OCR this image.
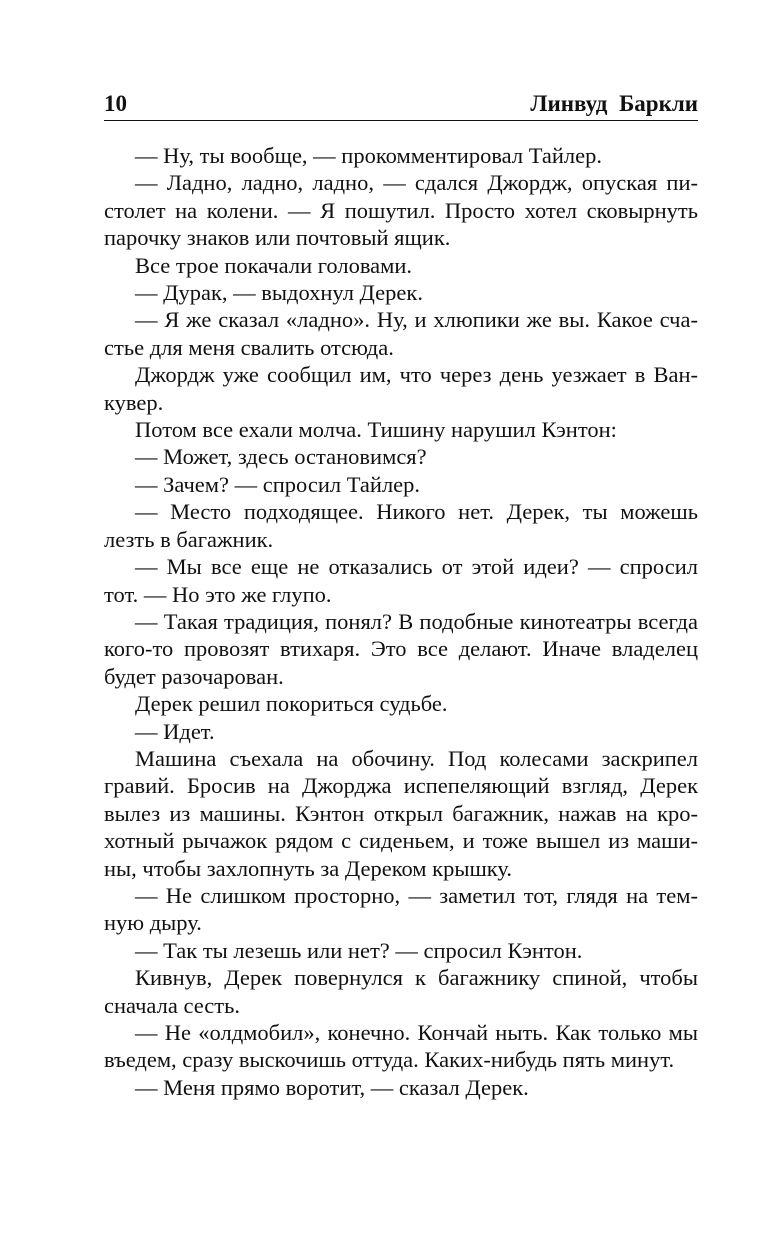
10	Линвуд Баркли

— Ну, ты вообще, — прокомментировал Тайлер.

— Ладно, ладно, ладно, — сдался Джордж, опуская пистолет на колени. — Я пошутил. Просто хотел сковырнуть парочку знаков или почтовый ящик.

Все трое покачали головами.

— Дурак, — выдохнул Дерек.

— Я же сказал «ладно». Ну, и хлюпики же вы. Какое счастье для меня свалить отсюда.

Джордж уже сообщил им, что через день уезжает в Ванкувер.

Потом все ехали молча. Тишину нарушил Кэнтон:

— Может, здесь остановимся?

— Зачем? — спросил Тайлер.

— Место подходящее. Никого нет. Дерек, ты можешь лезть в багажник.

— Мы все еще не отказались от этой идеи? — спросил тот. — Но это же глупо.

— Такая традиция, понял? В подобные кинотеатры всегда кого-то провозят втихаря. Это все делают. Иначе владелец будет разочарован.

Дерек решил покориться судьбе.

— Идет.

Машина съехала на обочину. Под колесами заскрипел гравий. Бросив на Джорджа испепеляющий взгляд, Дерек вылез из машины. Кэнтон открыл багажник, нажав на крохотный рычажок рядом с сиденьем, и тоже вышел из машины, чтобы захлопнуть за Дереком крышку.

— Не слишком просторно, — заметил тот, глядя на темную дыру.

— Так ты лезешь или нет? — спросил Кэнтон.

Кивнув, Дерек повернулся к багажнику спиной, чтобы сначала сесть.

— Не «олдмобил», конечно. Кончай ныть. Как только мы въедем, сразу выскочишь оттуда. Каких-нибудь пять минут.

— Меня прямо воротит, — сказал Дерек.
